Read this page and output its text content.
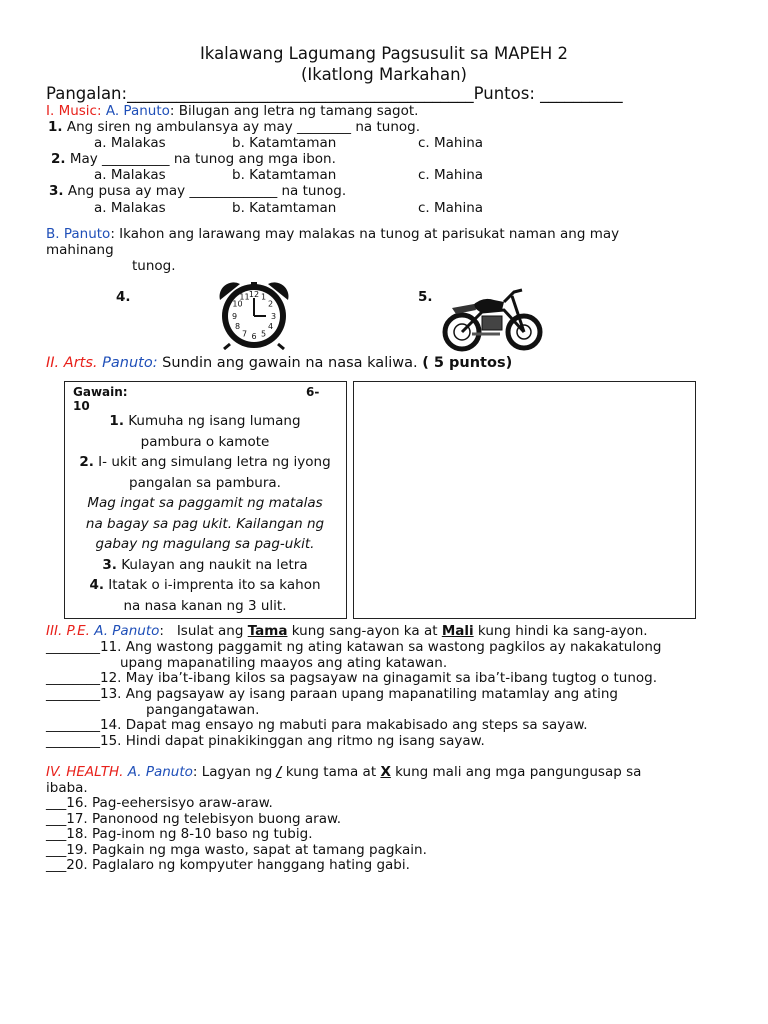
Ikalawang Lagumang Pagsusulit sa MAPEH 2
(Ikatlong Markahan)
Pangalan:__________________________________________Puntos: __________
I. Music: A. Panuto: Bilugan ang letra ng tamang sagot.
1. Ang siren ng ambulansya ay may ________ na tunog.
a. Malakas	b. Katamtaman	c. Mahina
2. May __________ na tunog ang mga ibon.
a. Malakas	b. Katamtaman	c. Mahina
3. Ang pusa ay may _____________ na tunog.
a. Malakas	b. Katamtaman	c. Mahina
B. Panuto: Ikahon ang larawang may malakas na tunog at parisukat naman ang may
mahinang
tunog.
4.	5.
12 1
2
3
4
5
6
7
8
9
10
11
II. Arts. Panuto: Sundin ang gawain na nasa kaliwa. ( 5 puntos)
Gawain:	6-
10
1. Kumuha ng isang lumang
pambura o kamote
2. I- ukit ang simulang letra ng iyong
pangalan sa pambura.
Mag ingat sa paggamit ng matalas
na bagay sa pag ukit. Kailangan ng
gabay ng magulang sa pag-ukit.
3. Kulayan ang naukit na letra
4. Itatak o i-imprenta ito sa kahon
na nasa kanan ng 3 ulit.
III. P.E. A. Panuto: Isulat ang Tama kung sang-ayon ka at Mali kung hindi ka sang-ayon.
________11. Ang wastong paggamit ng ating katawan sa wastong pagkilos ay nakakatulong
upang mapanatiling maayos ang ating katawan.
________12. May iba’t-ibang kilos sa pagsayaw na ginagamit sa iba’t-ibang tugtog o tunog.
________13. Ang pagsayaw ay isang paraan upang mapanatiling matamlay ang ating
pangangatawan.
________14. Dapat mag ensayo ng mabuti para makabisado ang steps sa sayaw.
________15. Hindi dapat pinakikinggan ang ritmo ng isang sayaw.
IV. HEALTH. A. Panuto: Lagyan ng / kung tama at X kung mali ang mga pangungusap sa
ibaba.
___16. Pag-eehersisyo araw-araw.
___17. Panonood ng telebisyon buong araw.
___18. Pag-inom ng 8-10 baso ng tubig.
___19. Pagkain ng mga wasto, sapat at tamang pagkain.
___20. Paglalaro ng kompyuter hanggang hating gabi.
